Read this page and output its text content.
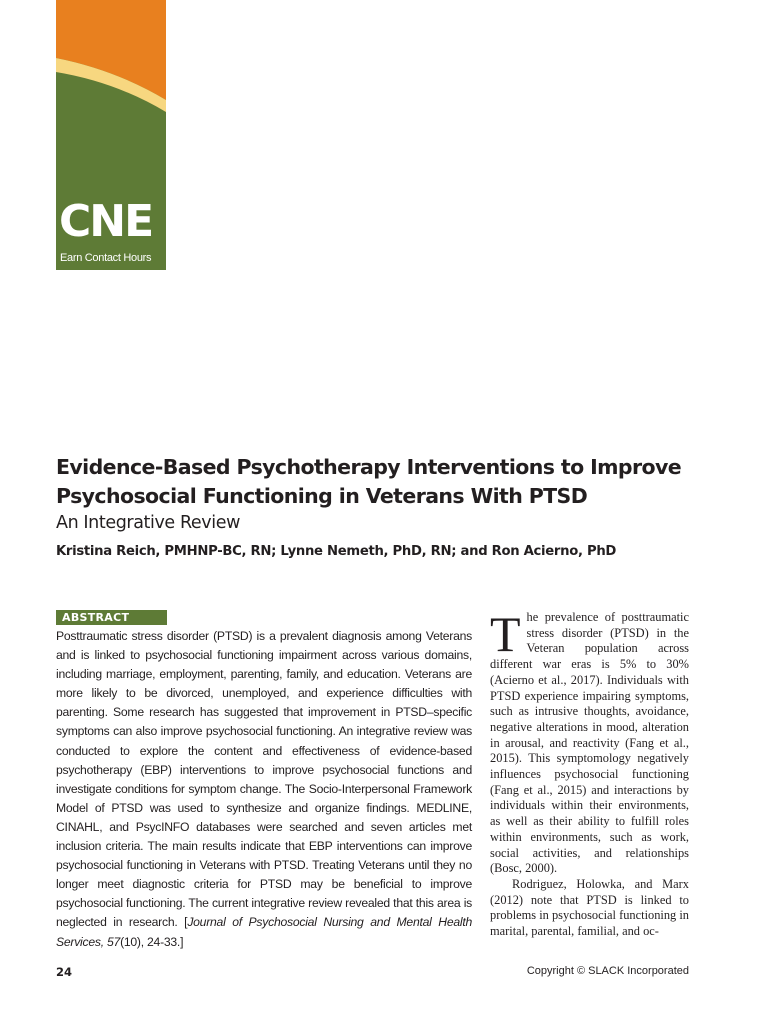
CNE
Earn Contact Hours
Evidence-Based Psychotherapy Interventions to Improve Psychosocial Functioning in Veterans With PTSD
An Integrative Review
Kristina Reich, PMHNP-BC, RN; Lynne Nemeth, PhD, RN; and Ron Acierno, PhD
ABSTRACT

Posttraumatic stress disorder (PTSD) is a prevalent diagnosis among Veterans and is linked to psychosocial functioning impairment across various domains, including marriage, employment, parenting, family, and education. Veterans are more likely to be divorced, unemployed, and experience difficulties with parenting. Some research has suggested that improvement in PTSD–specific symptoms can also improve psychosocial functioning. An integrative review was conducted to explore the content and effectiveness of evidence-based psychotherapy (EBP) interventions to improve psychosocial functions and investigate conditions for symptom change. The Socio-Interpersonal Framework Model of PTSD was used to synthesize and organize findings. MEDLINE, CINAHL, and PsycINFO databases were searched and seven articles met inclusion criteria. The main results indicate that EBP interventions can improve psychosocial functioning in Veterans with PTSD. Treating Veterans until they no longer meet diagnostic criteria for PTSD may be beneficial to improve psychosocial functioning. The current integrative review revealed that this area is neglected in research. [Journal of Psychosocial Nursing and Mental Health Services, 57(10), 24-33.]

The prevalence of posttraumatic stress disorder (PTSD) in the Veteran population across different war eras is 5% to 30% (Acierno et al., 2017). Individuals with PTSD experience impairing symptoms, such as intrusive thoughts, avoidance, negative alterations in mood, alteration in arousal, and reactivity (Fang et al., 2015). This symptomology negatively influences psychosocial functioning (Fang et al., 2015) and interactions by individuals within their environments, as well as their ability to fulfill roles within environments, such as work, social activities, and relationships (Bosc, 2000).

Rodriguez, Holowka, and Marx (2012) note that PTSD is linked to problems in psychosocial functioning in marital, parental, familial, and oc-

24	Copyright © SLACK Incorporated
